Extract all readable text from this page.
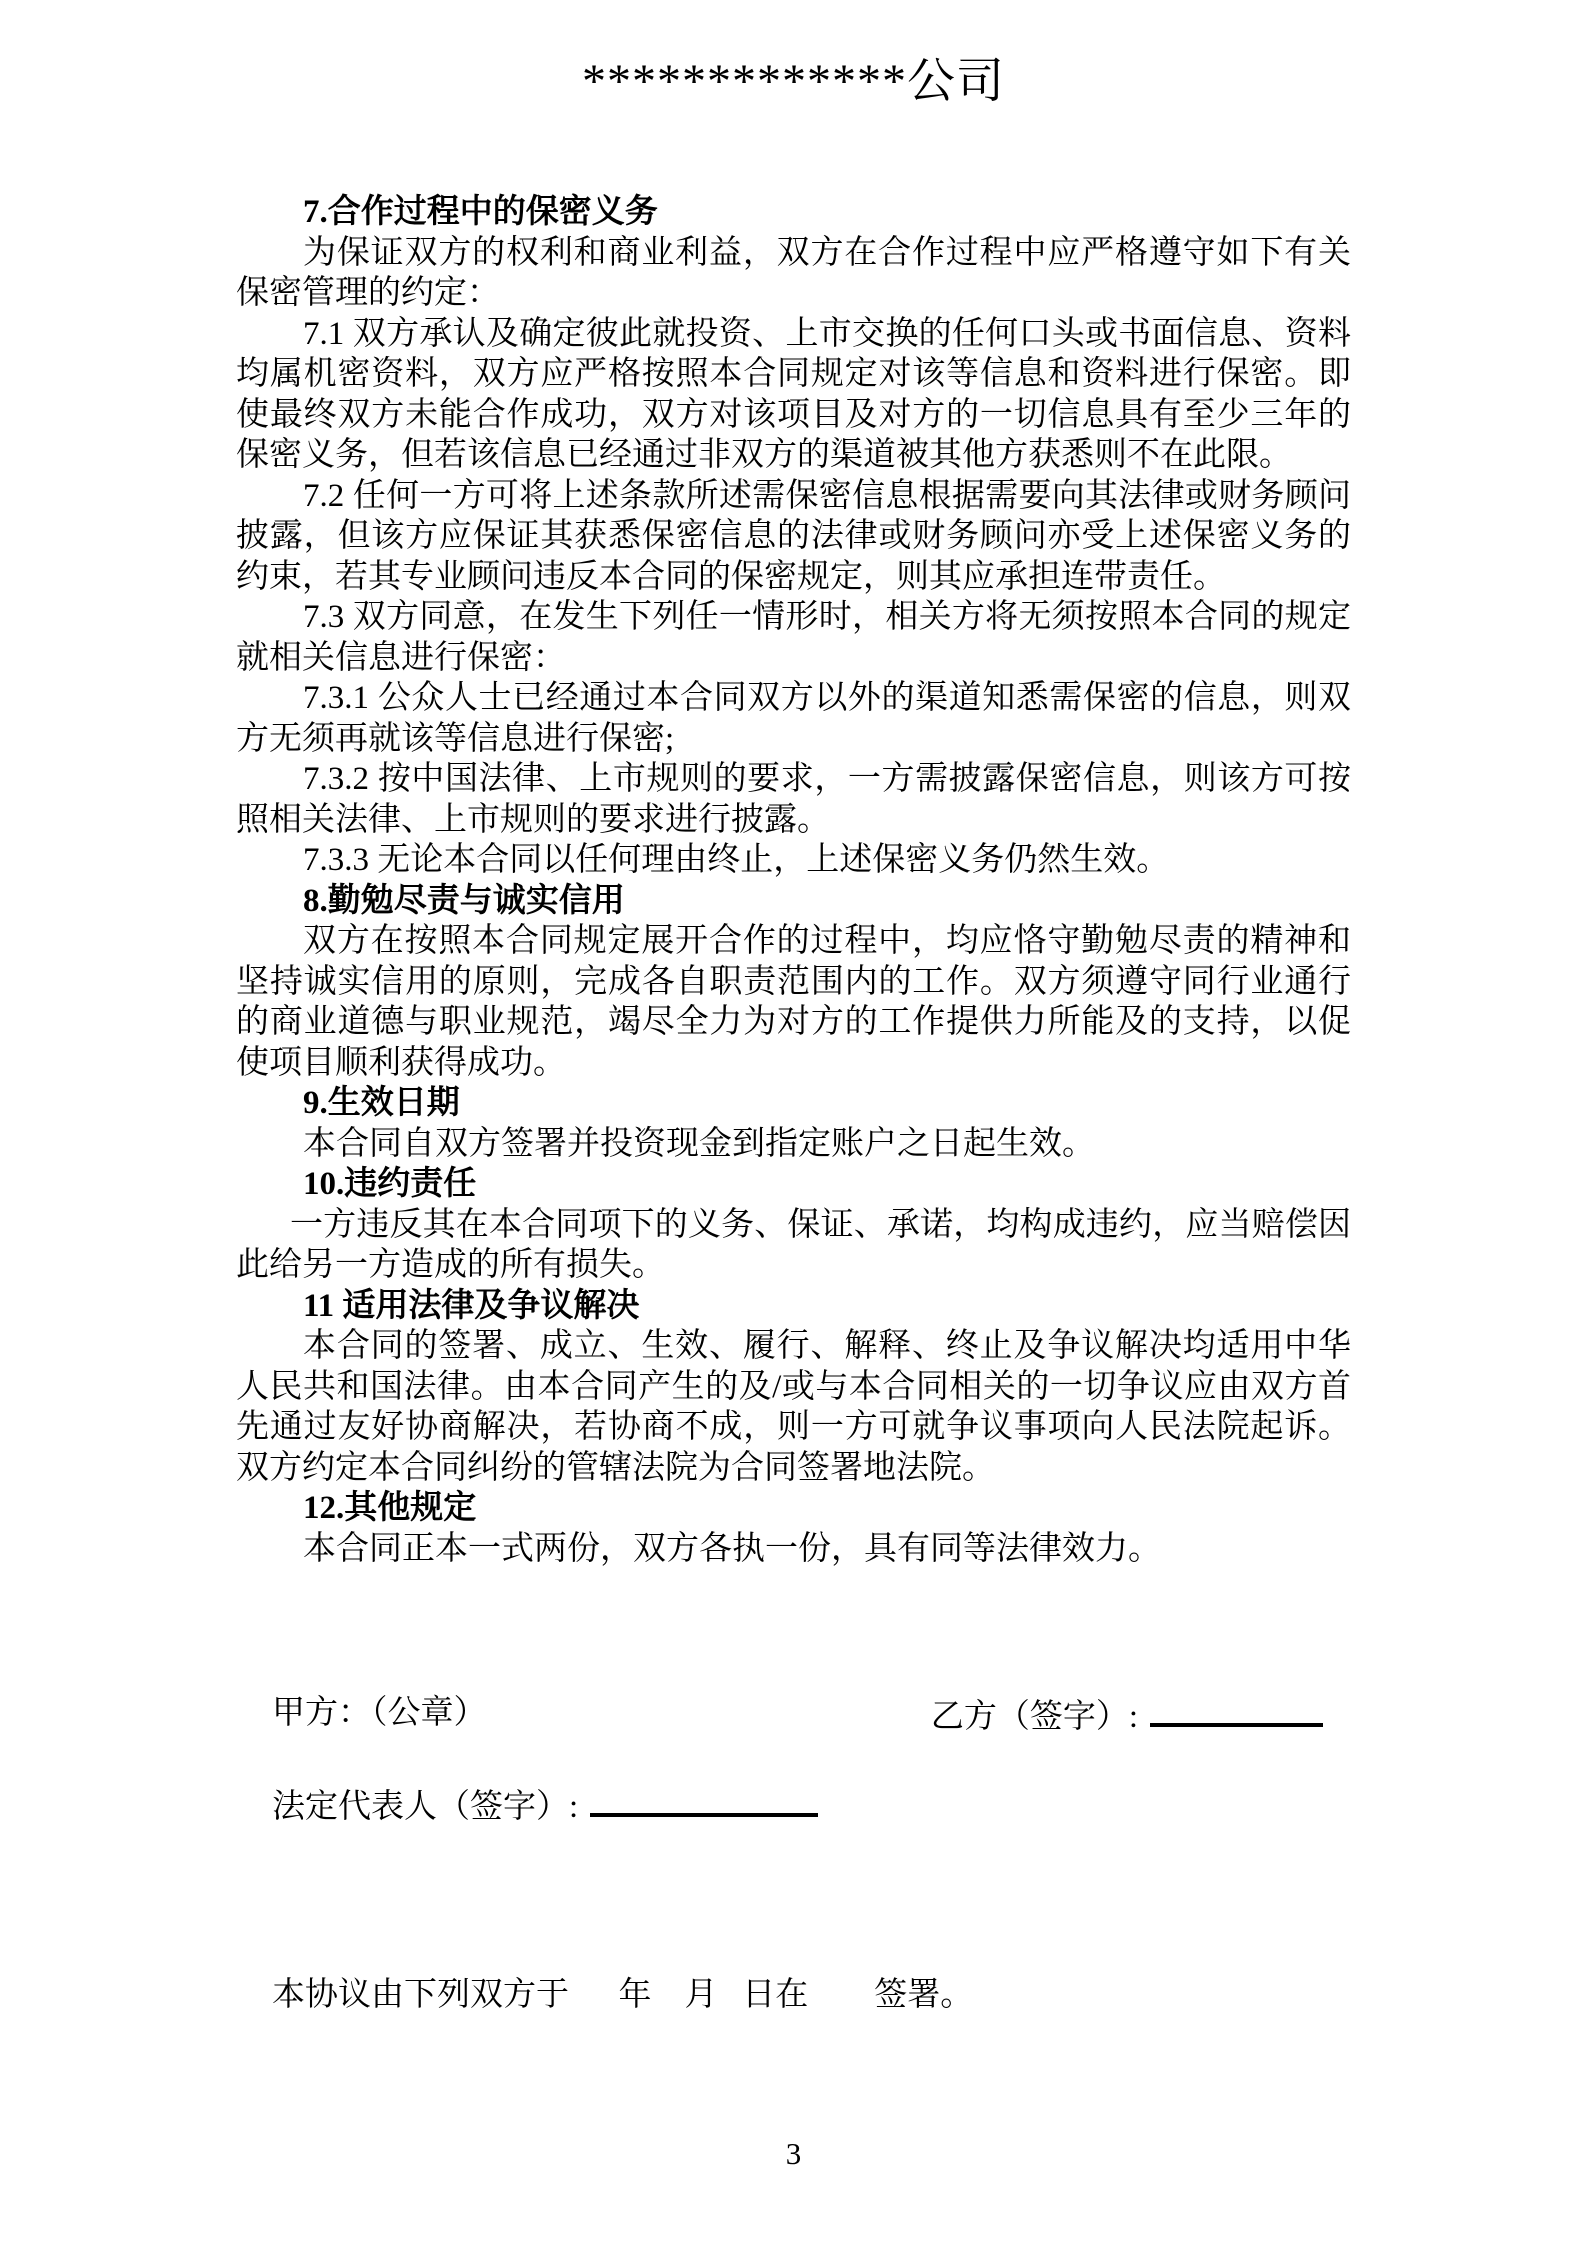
*************公司
7.合作过程中的保密义务

为保证双方的权利和商业利益，双方在合作过程中应严格遵守如下有关保密管理的约定：

7.1 双方承认及确定彼此就投资、上市交换的任何口头或书面信息、资料均属机密资料，双方应严格按照本合同规定对该等信息和资料进行保密。即使最终双方未能合作成功，双方对该项目及对方的一切信息具有至少三年的保密义务，但若该信息已经通过非双方的渠道被其他方获悉则不在此限。

7.2 任何一方可将上述条款所述需保密信息根据需要向其法律或财务顾问披露，但该方应保证其获悉保密信息的法律或财务顾问亦受上述保密义务的约束，若其专业顾问违反本合同的保密规定，则其应承担连带责任。

7.3 双方同意，在发生下列任一情形时，相关方将无须按照本合同的规定就相关信息进行保密：

7.3.1 公众人士已经通过本合同双方以外的渠道知悉需保密的信息，则双方无须再就该等信息进行保密;

7.3.2 按中国法律、上市规则的要求，一方需披露保密信息，则该方可按照相关法律、上市规则的要求进行披露。

7.3.3 无论本合同以任何理由终止，上述保密义务仍然生效。

8.勤勉尽责与诚实信用

双方在按照本合同规定展开合作的过程中，均应恪守勤勉尽责的精神和坚持诚实信用的原则，完成各自职责范围内的工作。双方须遵守同行业通行的商业道德与职业规范，竭尽全力为对方的工作提供力所能及的支持，以促使项目顺利获得成功。

9.生效日期

本合同自双方签署并投资现金到指定账户之日起生效。

10.违约责任

一方违反其在本合同项下的义务、保证、承诺，均构成违约，应当赔偿因此给另一方造成的所有损失。

11 适用法律及争议解决

本合同的签署、成立、生效、履行、解释、终止及争议解决均适用中华人民共和国法律。由本合同产生的及/或与本合同相关的一切争议应由双方首先通过友好协商解决，若协商不成，则一方可就争议事项向人民法院起诉。双方约定本合同纠纷的管辖法院为合同签署地法院。

12.其他规定

本合同正本一式两份，双方各执一份，具有同等法律效力。

甲方：（公章）	乙方（签字）:
法定代表人（签字）:
本协议由下列双方于      年    月   日在        签署。
3
